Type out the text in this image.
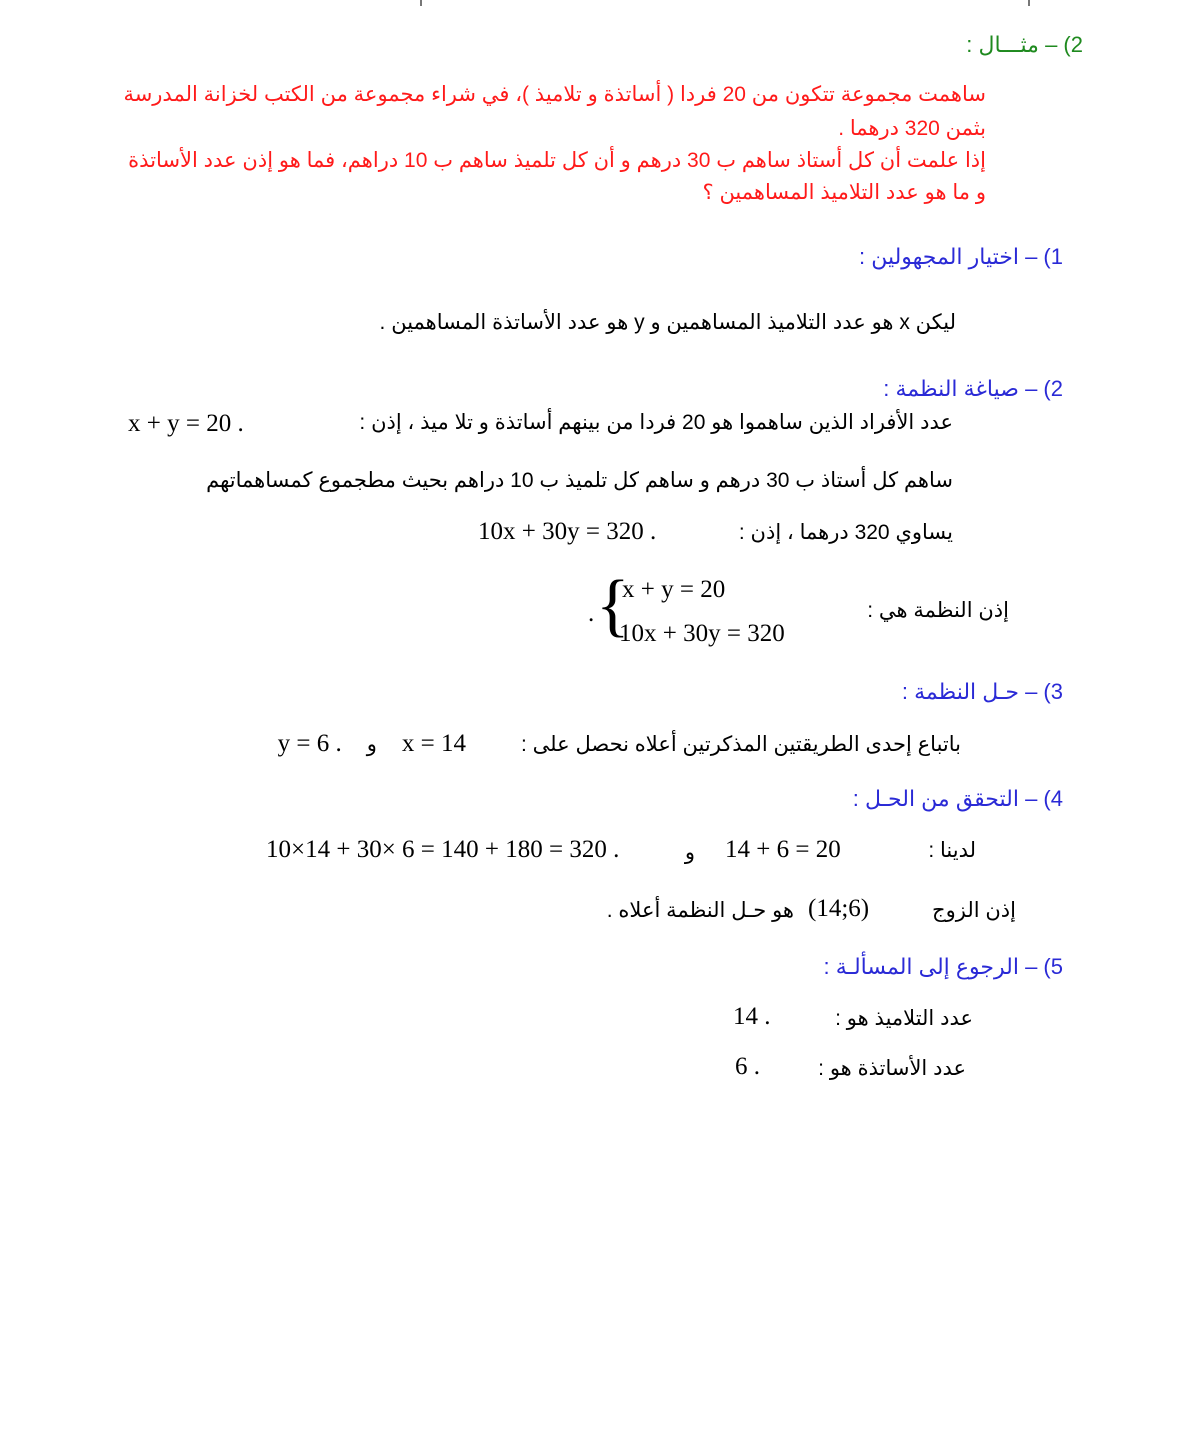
2) – مثـــال :
ساهمت مجموعة تتكون من 20 فردا ( أساتذة و تلاميذ )، في شراء مجموعة من الكتب لخزانة المدرسة
بثمن 320 درهما .
إذا علمت أن كل أستاذ ساهم ب 30 درهم و أن كل تلميذ ساهم ب 10 دراهم، فما هو إذن عدد الأساتذة
و ما هو عدد التلاميذ المساهمين ؟
1) – اختيار المجهولين :
ليكن x هو عدد التلاميذ المساهمين و y هو عدد الأساتذة المساهمين .
2) – صياغة النظمة :
عدد الأفراد الذين ساهموا هو 20 فردا من بينهم أساتذة و تلا ميذ ، إذن :
x + y = 20 .
ساهم كل أستاذ ب 30 درهم و ساهم كل تلميذ ب 10 دراهم بحيث مطجموع كمساهماتهم
يساوي 320 درهما ، إذن :
10x + 30y = 320 .
إذن النظمة هي :
{
x + y = 20
10x + 30y = 320
.
3) – حـل النظمة :
باتباع إحدى الطريقتين المذكرتين أعلاه نحصل على :
x = 14    و    y = 6 .
4) – التحقق من الحـل :
لدينا :
14 + 6 = 20
و
10×14 + 30× 6 = 140 + 180 = 320 .
إذن الزوج
(14;6)
هو حـل النظمة أعلاه .
5) – الرجوع إلى المسألـة :
عدد التلاميذ هو :
14 .
عدد الأساتذة هو :
6 .
